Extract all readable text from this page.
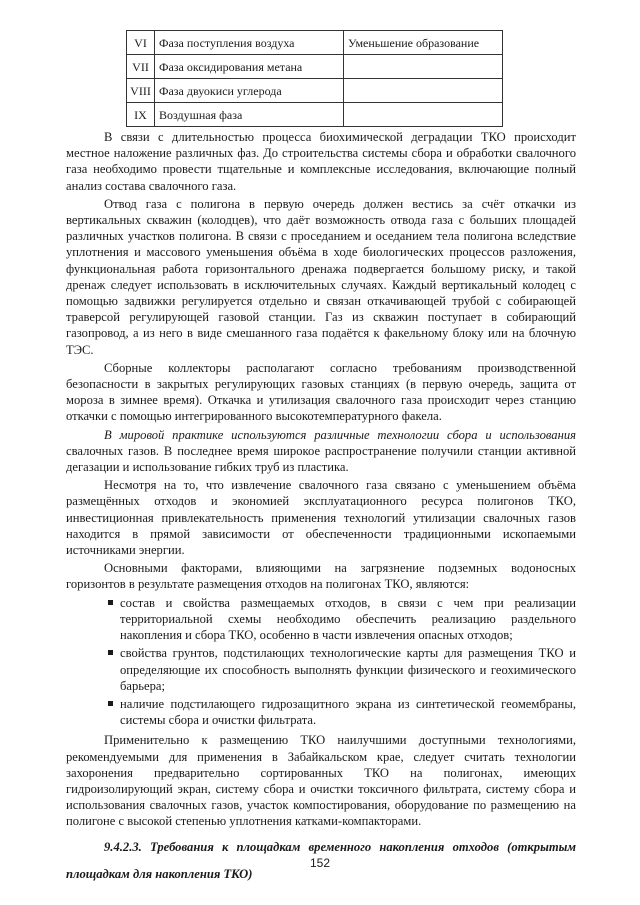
VI	Фаза поступления воздуха	Уменьшение образование
VII	Фаза оксидирования метана	
VIII	Фаза двуокиси углерода	
IX	Воздушная фаза	

В связи с длительностью процесса биохимической деградации ТКО происходит местное наложение различных фаз. До строительства системы сбора и обработки свалочного газа необходимо провести тщательные и комплексные исследования, включающие полный анализ состава свалочного газа.

Отвод газа с полигона в первую очередь должен вестись за счёт откачки из вертикальных скважин (колодцев), что даёт возможность отвода газа с больших площадей различных участков полигона. В связи с проседанием и оседанием тела полигона вследствие уплотнения и массового уменьшения объёма в ходе биологических процессов разложения, функциональная работа горизонтального дренажа подвергается большому риску, и такой дренаж следует использовать в исключительных случаях. Каждый вертикальный колодец с помощью задвижки регулируется отдельно и связан откачивающей трубой с собирающей траверсой регулирующей газовой станции. Газ из скважин поступает в собирающий газопровод, а из него в виде смешанного газа подаётся к факельному блоку или на блочную ТЭС.

Сборные коллекторы располагают согласно требованиям производственной безопасности в закрытых регулирующих газовых станциях (в первую очередь, защита от мороза в зимнее время). Откачка и утилизация свалочного газа происходит через станцию откачки с помощью интегрированного высокотемпературного факела.

В мировой практике используются различные технологии сбора и использования свалочных газов. В последнее время широкое распространение получили станции активной дегазации и использование гибких труб из пластика.

Несмотря на то, что извлечение свалочного газа связано с уменьшением объёма размещённых отходов и экономией эксплуатационного ресурса полигонов ТКО, инвестиционная привлекательность применения технологий утилизации свалочных газов находится в прямой зависимости от обеспеченности традиционными ископаемыми источниками энергии.

Основными факторами, влияющими на загрязнение подземных водоносных горизонтов в результате размещения отходов на полигонах ТКО, являются:

состав и свойства размещаемых отходов, в связи с чем при реализации территориальной схемы необходимо обеспечить реализацию раздельного накопления и сбора ТКО, особенно в части извлечения опасных отходов;
свойства грунтов, подстилающих технологические карты для размещения ТКО и определяющие их способность выполнять функции физического и геохимического барьера;
наличие подстилающего гидрозащитного экрана из синтетической геомембраны, системы сбора и очистки фильтрата.

Применительно к размещению ТКО наилучшими доступными технологиями, рекомендуемыми для применения в Забайкальском крае, следует считать технологии захоронения предварительно сортированных ТКО на полигонах, имеющих гидроизолирующий экран, систему сбора и очистки токсичного фильтрата, систему сбора и использования свалочных газов, участок компостирования, оборудование по размещению на полигоне с высокой степенью уплотнения катками-компакторами.

9.4.2.3. Требования к площадкам временного накопления отходов (открытым площадкам для накопления ТКО)

152
